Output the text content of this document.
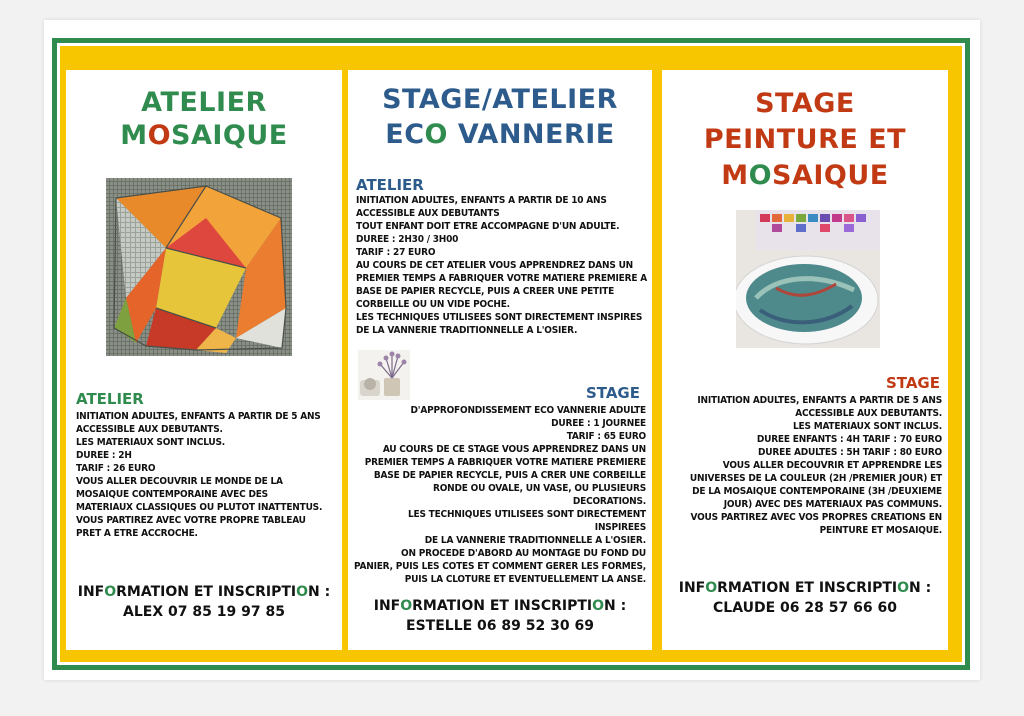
ATELIER
MOSAIQUE
ATELIER
INITIATION ADULTES, ENFANTS A PARTIR DE 5 ANS
ACCESSIBLE AUX DEBUTANTS.
LES MATERIAUX SONT INCLUS.
DUREE : 2H
TARIF : 26 EURO
VOUS ALLER DECOUVRIR LE MONDE DE LA
MOSAIQUE CONTEMPORAINE AVEC DES
MATERIAUX CLASSIQUES OU PLUTOT INATTENTUS.
VOUS PARTIREZ AVEC VOTRE PROPRE TABLEAU
PRET A ETRE ACCROCHE.
INFORMATION ET INSCRIPTION :
ALEX 07 85 19 97 85
STAGE/ATELIER
ECO VANNERIE
ATELIER
INITIATION ADULTES, ENFANTS A PARTIR DE 10 ANS
ACCESSIBLE AUX DEBUTANTS
TOUT ENFANT DOIT ETRE ACCOMPAGNE D'UN ADULTE.
DUREE : 2H30 / 3H00
TARIF : 27 EURO
AU COURS DE CET ATELIER VOUS APPRENDREZ DANS UN
PREMIER TEMPS A FABRIQUER VOTRE MATIERE PREMIERE A
BASE DE PAPIER RECYCLE, PUIS A CREER UNE PETITE
CORBEILLE OU UN VIDE POCHE.
LES TECHNIQUES UTILISEES SONT DIRECTEMENT INSPIRES
DE LA VANNERIE TRADITIONNELLE A L'OSIER.
STAGE
D'APPROFONDISSEMENT ECO VANNERIE ADULTE
DUREE : 1 JOURNEE
TARIF : 65 EURO
AU COURS DE CE STAGE VOUS APPRENDREZ DANS UN
PREMIER TEMPS A FABRIQUER VOTRE MATIERE PREMIERE
BASE DE PAPIER RECYCLE, PUIS A CRER UNE CORBEILLE
RONDE OU OVALE, UN VASE, OU PLUSIEURS
DECORATIONS.
LES TECHNIQUES UTILISEES SONT DIRECTEMENT INSPIREES
DE LA VANNERIE TRADITIONNELLE A L'OSIER.
ON PROCEDE D'ABORD AU MONTAGE DU FOND DU
PANIER, PUIS LES COTES ET COMMENT GERER LES FORMES,
PUIS LA CLOTURE ET EVENTUELLEMENT LA ANSE.
INFORMATION ET INSCRIPTION :
ESTELLE 06 89 52 30 69
STAGE
PEINTURE ET
MOSAIQUE
STAGE
INITIATION ADULTES, ENFANTS A PARTIR DE 5 ANS
ACCESSIBLE AUX DEBUTANTS.
LES MATERIAUX SONT INCLUS.
DUREE ENFANTS : 4H TARIF : 70 EURO
DUREE ADULTES : 5H TARIF : 80 EURO
VOUS ALLER DECOUVRIR ET APPRENDRE LES
UNIVERSES DE LA COULEUR (2H /PREMIER JOUR) ET
DE LA MOSAIQUE CONTEMPORAINE (3H /DEUXIEME
JOUR) AVEC DES MATERIAUX PAS COMMUNS.
VOUS PARTIREZ AVEC VOS PROPRES CREATIONS EN
PEINTURE ET MOSAIQUE.
INFORMATION ET INSCRIPTION :
CLAUDE 06 28 57 66 60
